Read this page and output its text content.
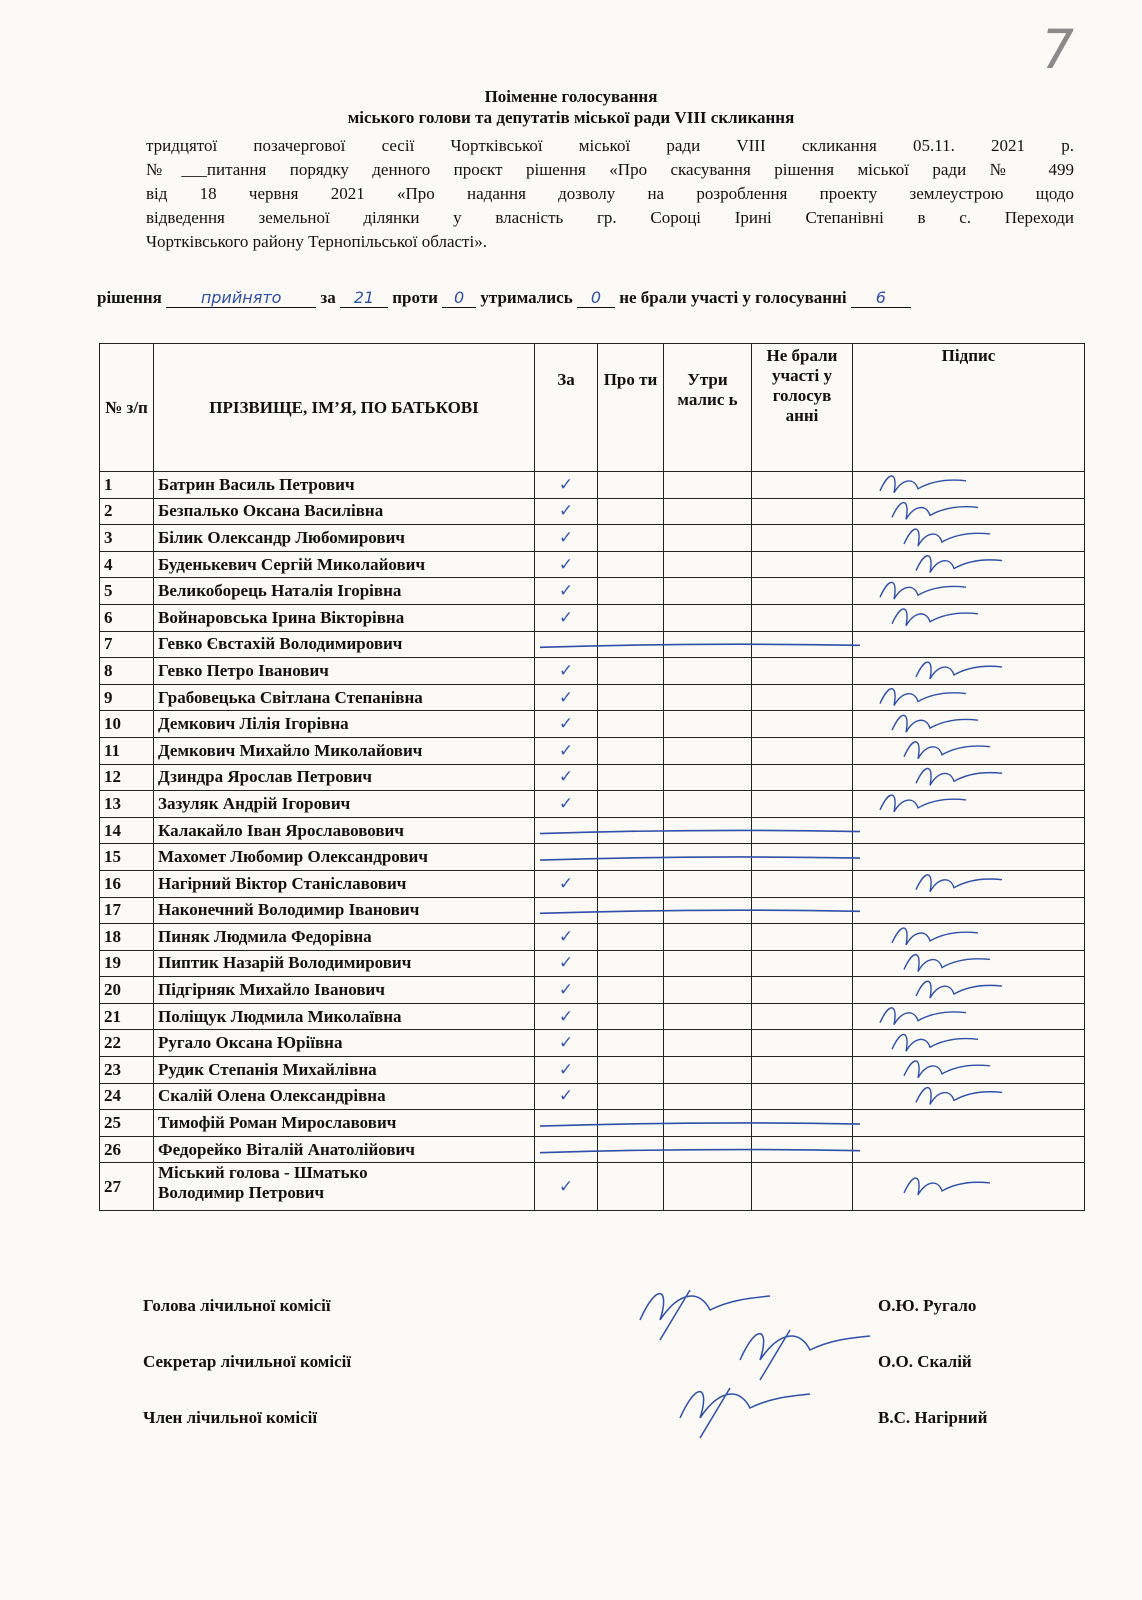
7
Поіменне голосування
міського голови та депутатів міської ради VIII скликання
тридцятої позачергової сесії Чортківської міської ради VIII скликання 05.11. 2021 р.
№___питання порядку денного проєкт рішення «Про скасування рішення міської ради № 499
від 18 червня 2021 «Про надання дозволу на розроблення проекту землеустрою щодо
відведення земельної ділянки у власність гр. Сороці Ірині Степанівні в с. Переходи
Чортківського району Тернопільської області».
рішення прийнято за 21 проти 0 утримались 0 не брали участі у голосуванні 6
№ з/п	ПРІЗВИЩЕ, ІМ’Я, ПО БАТЬКОВІ	За	Про ти	Утри малис ь	Не брали участі у голосув анні	Підпис
1	Батрин Василь Петрович	✓				
2	Безпалько Оксана Василівна	✓				
3	Білик Олександр Любомирович	✓				
4	Буденькевич Сергій Миколайович	✓				
5	Великоборець Наталія Ігорівна	✓				
6	Войнаровська Ірина Вікторівна	✓				
7	Гевко Євстахій Володимирович					
8	Гевко Петро Іванович	✓				
9	Грабовецька Світлана Степанівна	✓				
10	Демкович Лілія Ігорівна	✓				
11	Демкович Михайло Миколайович	✓				
12	Дзиндра Ярослав Петрович	✓				
13	Зазуляк Андрій Ігорович	✓				
14	Калакайло Іван Ярославовович					
15	Махомет Любомир Олександрович					
16	Нагірний Віктор Станіславович	✓				
17	Наконечний Володимир Іванович					
18	Пиняк Людмила Федорівна	✓				
19	Пиптик Назарій Володимирович	✓				
20	Підгірняк Михайло Іванович	✓				
21	Поліщук Людмила Миколаївна	✓				
22	Ругало Оксана Юріївна	✓				
23	Рудик Степанія Михайлівна	✓				
24	Скалій Олена Олександрівна	✓				
25	Тимофій Роман Мирославович					
26	Федорейко Віталій Анатолійович					
27	Міський голова - Шматько
Володимир Петрович	✓				
Голова лічильної комісії	О.Ю. Ругало
Секретар лічильної комісії	О.О. Скалій
Член лічильної комісії	В.С. Нагірний
